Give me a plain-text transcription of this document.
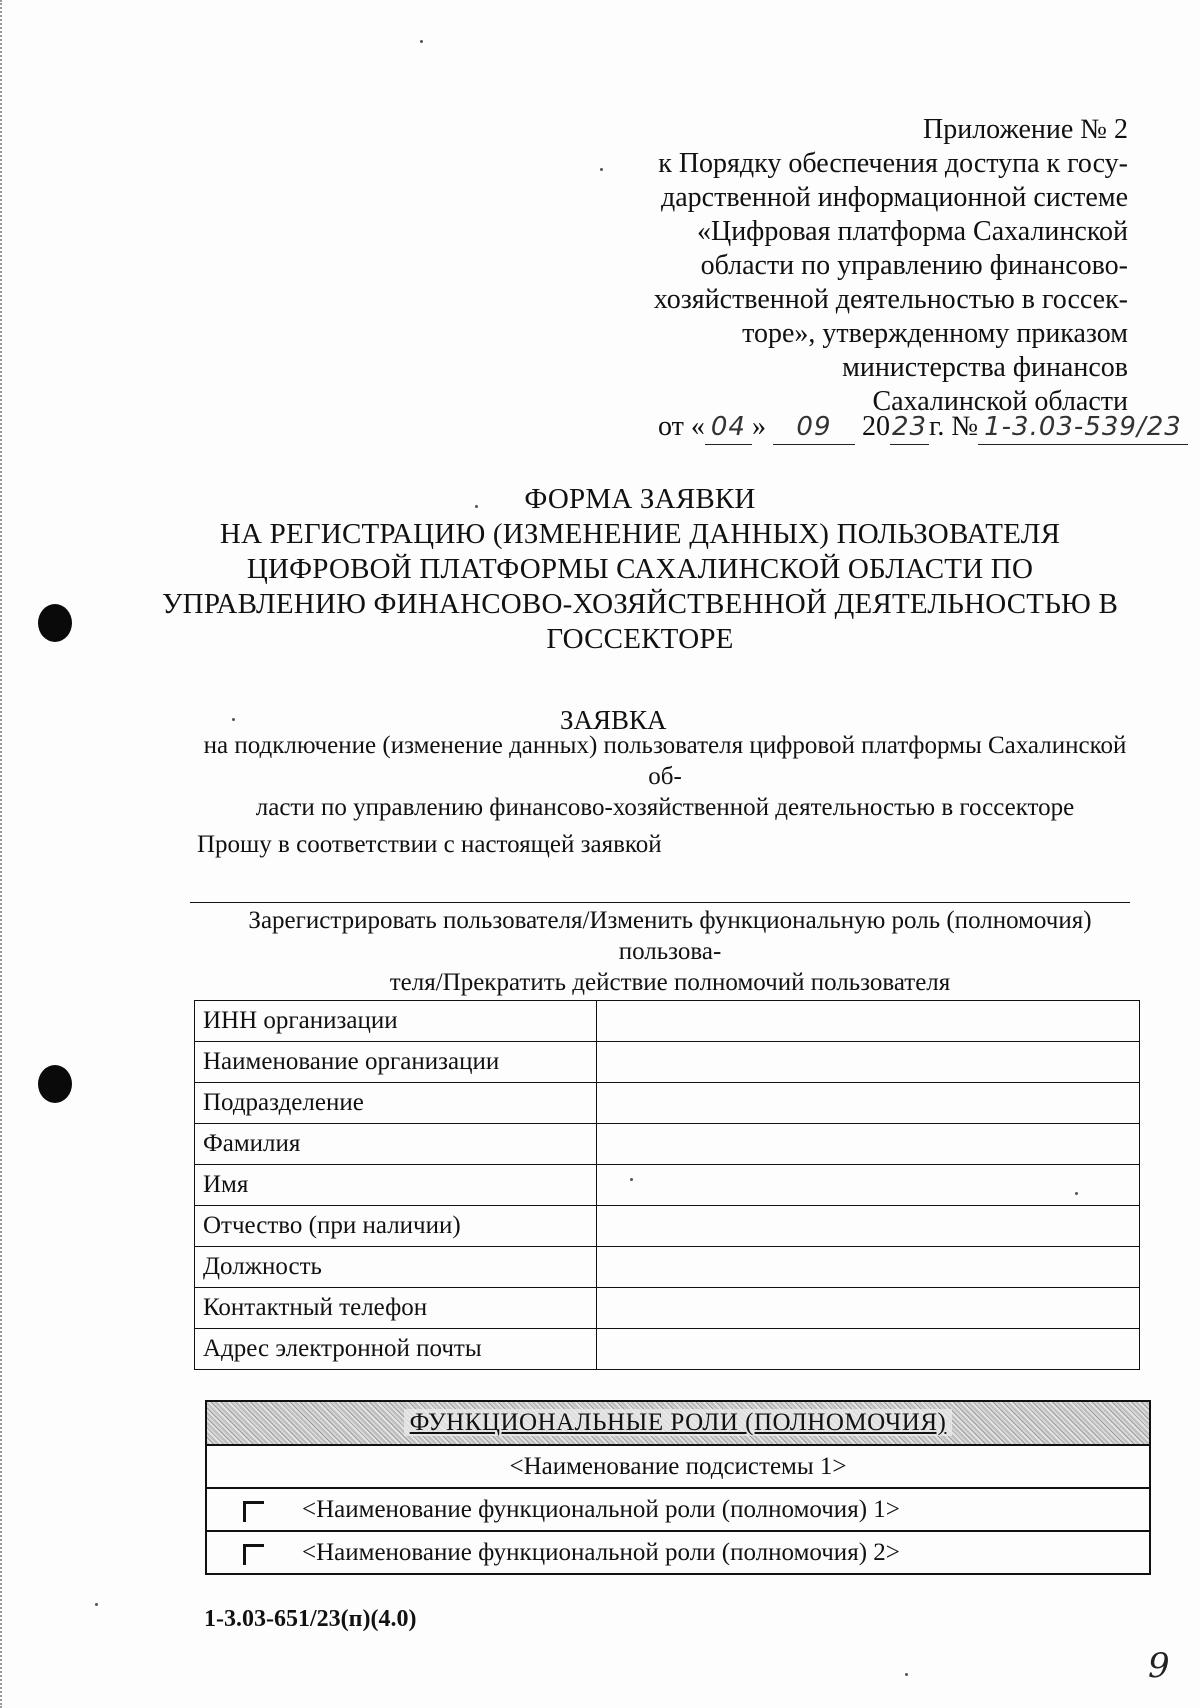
Приложение № 2
к Порядку обеспечения доступа к госу-
дарственной информационной системе
«Цифровая платформа Сахалинской
области по управлению финансово-
хозяйственной деятельностью в госсек-
торе», утвержденному приказом
министерства финансов
Сахалинской области
от « 04 » 09 2023г. № 1-3.03-539/23
ФОРМА ЗАЯВКИ
НА РЕГИСТРАЦИЮ (ИЗМЕНЕНИЕ ДАННЫХ) ПОЛЬЗОВАТЕЛЯ
ЦИФРОВОЙ ПЛАТФОРМЫ САХАЛИНСКОЙ ОБЛАСТИ ПО
УПРАВЛЕНИЮ ФИНАНСОВО-ХОЗЯЙСТВЕННОЙ ДЕЯТЕЛЬНОСТЬЮ В
ГОССЕКТОРЕ
ЗАЯВКА
на подключение (изменение данных) пользователя цифровой платформы Сахалинской об-
ласти по управлению финансово-хозяйственной деятельностью в госсекторе
Прошу в соответствии с настоящей заявкой
Зарегистрировать пользователя/Изменить функциональную роль (полномочия) пользова-
теля/Прекратить действие полномочий пользователя
ИНН организации	
Наименование организации	
Подразделение	
Фамилия	
Имя	
Отчество (при наличии)	
Должность	
Контактный телефон	
Адрес электронной почты	
ФУНКЦИОНАЛЬНЫЕ РОЛИ (ПОЛНОМОЧИЯ)
<Наименование подсистемы 1>
<Наименование функциональной роли (полномочия) 1>
<Наименование функциональной роли (полномочия) 2>
1-3.03-651/23(п)(4.0)
9
